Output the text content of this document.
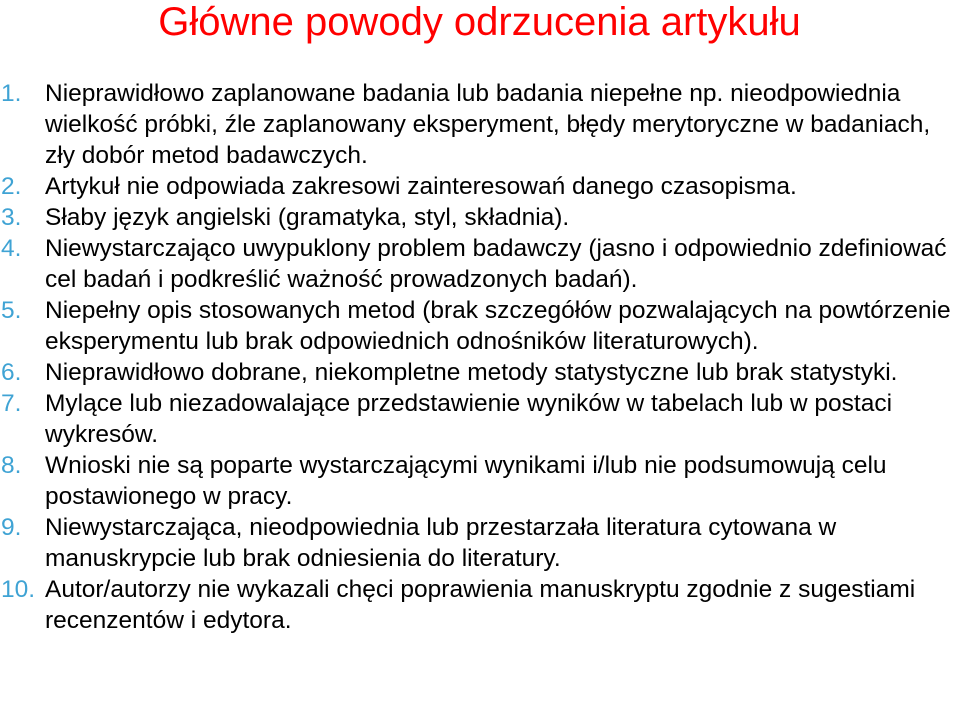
Główne powody odrzucenia artykułu
1. Nieprawidłowo zaplanowane badania lub badania niepełne np. nieodpowiednia wielkość próbki, źle zaplanowany eksperyment, błędy merytoryczne w badaniach, zły dobór metod badawczych.
2. Artykuł nie odpowiada zakresowi zainteresowań danego czasopisma.
3. Słaby język angielski (gramatyka, styl, składnia).
4. Niewystarczająco uwypuklony problem badawczy (jasno i odpowiednio zdefiniować cel badań i podkreślić ważność prowadzonych badań).
5. Niepełny opis stosowanych metod (brak szczegółów pozwalających na powtórzenie eksperymentu lub brak odpowiednich odnośników literaturowych).
6. Nieprawidłowo dobrane, niekompletne metody statystyczne lub brak statystyki.
7. Mylące lub niezadowalające przedstawienie wyników w tabelach lub w postaci wykresów.
8. Wnioski nie są poparte wystarczającymi wynikami i/lub nie podsumowują celu postawionego w pracy.
9. Niewystarczająca, nieodpowiednia lub przestarzała literatura cytowana w manuskrypcie lub brak odniesienia do literatury.
10. Autor/autorzy nie wykazali chęci poprawienia manuskryptu zgodnie z sugestiami recenzentów i edytora.
